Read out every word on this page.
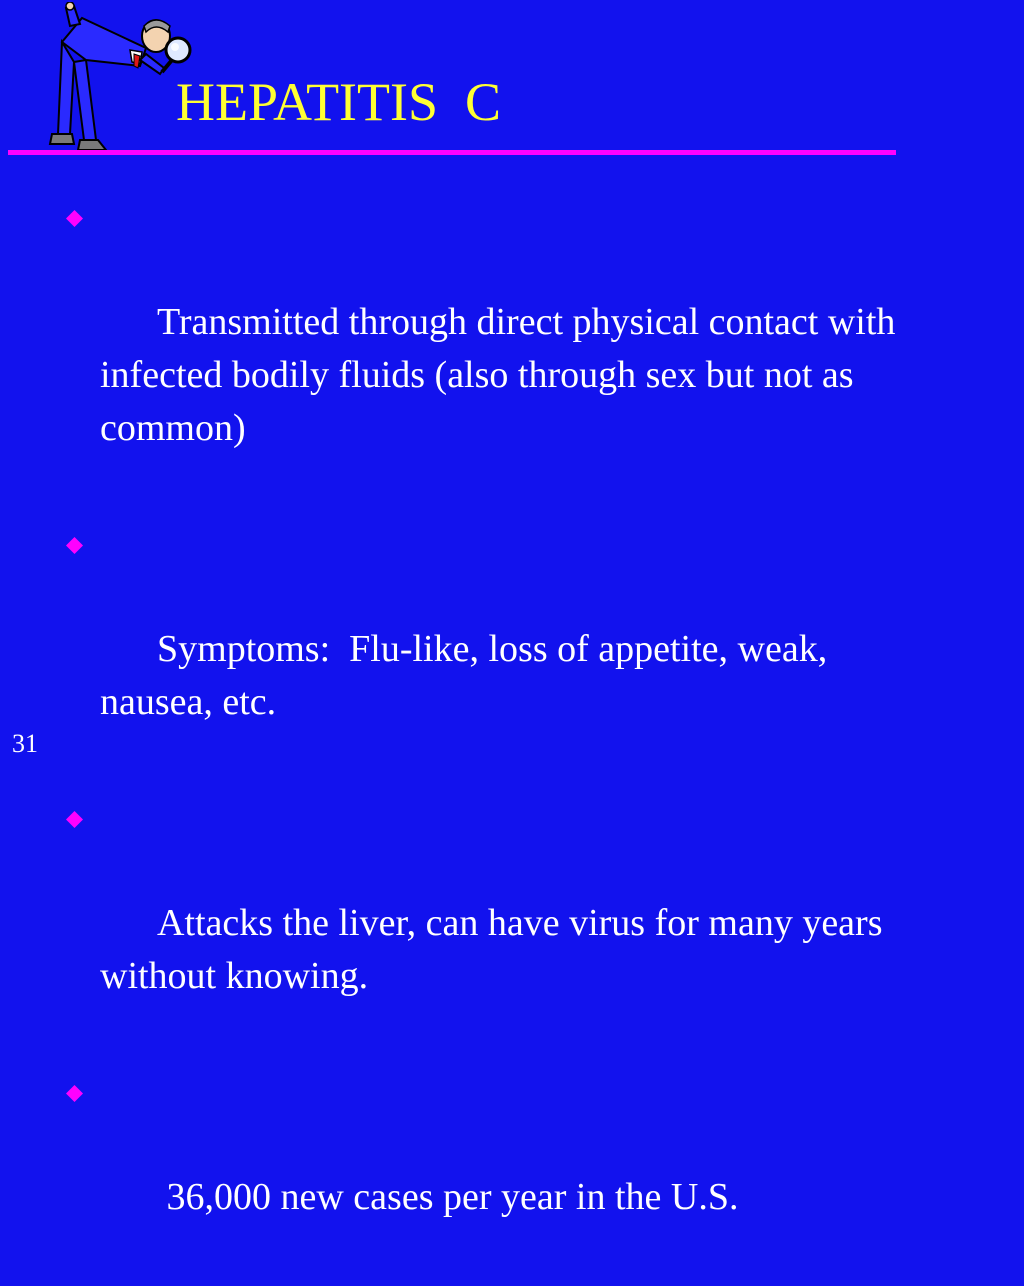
HEPATITIS  C

Transmitted through direct physical contact with infected bodily fluids (also through sex but not as common)

Symptoms:  Flu-like, loss of appetite, weak, nausea, etc.

Attacks the liver, can have virus for many years without knowing.

36,000 new cases per year in the U.S.

31
